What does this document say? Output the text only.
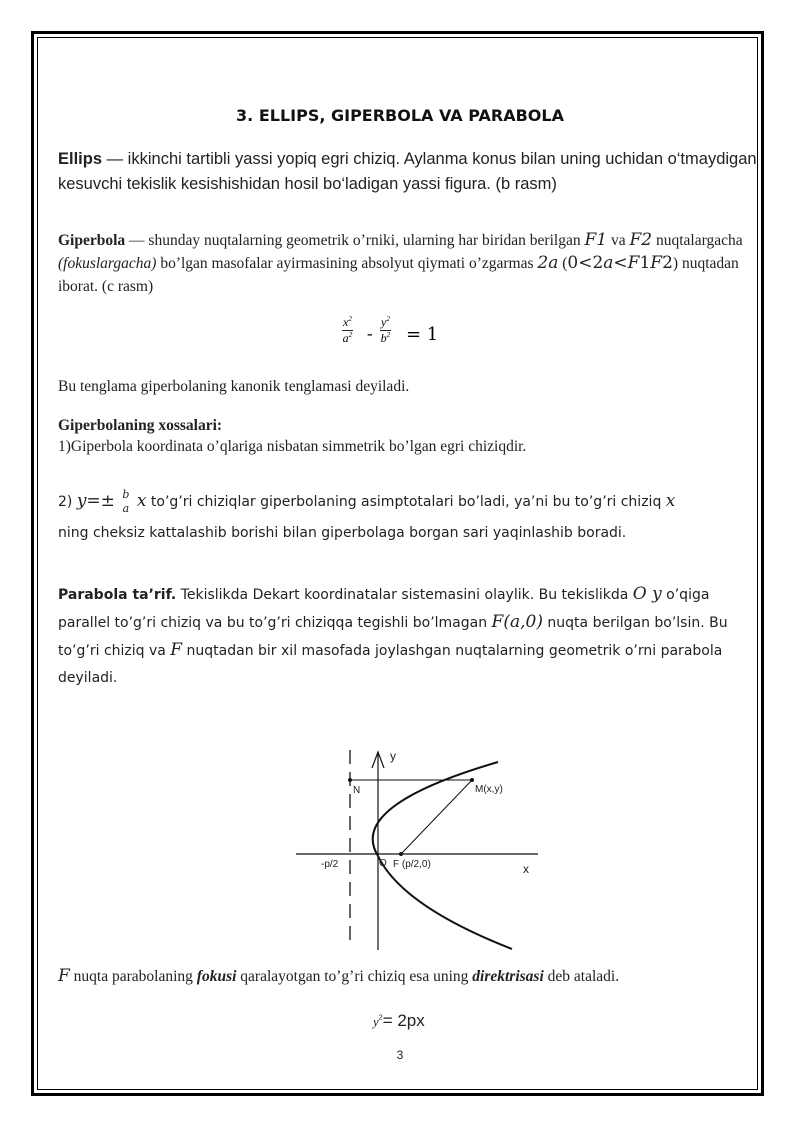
3. ELLIPS, GIPERBOLA VA PARABOLA
Ellips — ikkinchi tartibli yassi yopiq egri chiziq. Aylanma konus bilan uning uchidan o‘tmaydigan kesuvchi tekislik kesishishidan hosil bo‘ladigan yassi figura. (b rasm)
Giperbola — shunday nuqtalarning geometrik o’rniki, ularning har biridan berilgan F1 va F2 nuqtalargacha (fokuslargacha) bo’lgan masofalar ayirmasining absolyut qiymati o’zgarmas 2a (0<2a<F1F2) nuqtadan iborat. (c rasm)
$\frac{x^2}{a^2} - \frac{y^2}{b^2} = 1$
Bu tenglama giperbolaning kanonik tenglamasi deyiladi.
Giperbolaning xossalari:
1)Giperbola koordinata o’qlariga nisbatan simmetrik bo’lgan egri chiziqdir.
2) y=± b
a x to’g’ri chiziqlar giperbolaning asimptotalari bo’ladi, ya’ni bu to’g’ri chiziq x
ning cheksiz kattalashib borishi bilan giperbolaga borgan sari yaqinlashib boradi.
Parabola ta’rif. Tekislikda Dekart koordinatalar sistemasini olaylik. Bu tekislikda O y o’qiga parallel to’g’ri chiziq va bu to’g’ri chiziqqa tegishli bo’lmagan F(a,0) nuqta berilgan bo’lsin. Bu to’g’ri chiziq va F nuqtadan bir xil masofada joylashgan nuqtalarning geometrik o’rni parabola deyiladi.
y
x
N	M(x,y)
O F (p/2,0)
-p/2
F nuqta parabolaning fokusi qaralayotgan to’g’ri chiziq esa uning direktrisasi deb ataladi.
$y^2= 2px$
3
